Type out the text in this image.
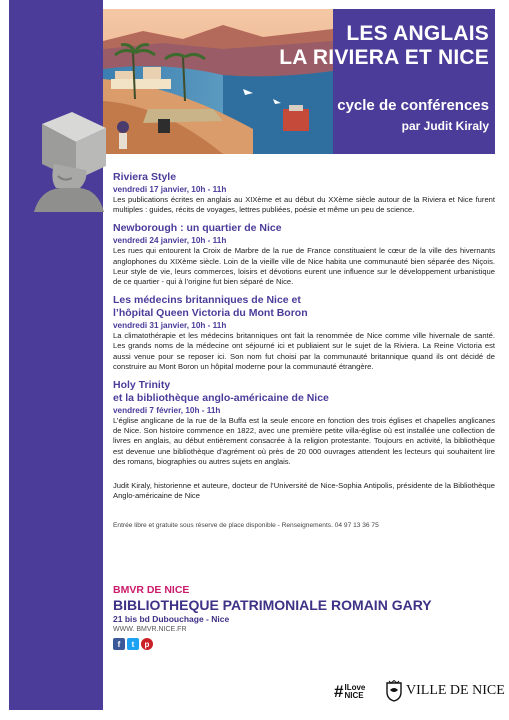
LES ANGLAIS
LA RIVIERA ET NICE
cycle de conférences
par Judit Kiraly
Riviera Style
vendredi 17 janvier, 10h - 11h
Les publications écrites en anglais au XIXème et au début du XXème siècle autour de la Riviera et Nice furent multiples : guides, récits de voyages, lettres publiées, poésie et même un peu de science.
Newborough : un quartier de Nice
vendredi 24 janvier, 10h - 11h
Les rues qui entourent la Croix de Marbre de la rue de France constituaient le cœur de la ville des hivernants anglophones du XIXème siècle. Loin de la vieille ville de Nice habita une communauté bien séparée des Niçois. Leur style de vie, leurs commerces, loisirs et dévotions eurent une influence sur le développement urbanistique de ce quartier - qui à l’origine fut bien séparé de Nice.
Les médecins britanniques de Nice et
l’hôpital Queen Victoria du Mont Boron
vendredi 31 janvier, 10h - 11h
La climatothérapie et les médecins britanniques ont fait la renommée de Nice comme ville hivernale de santé. Les grands noms de la médecine ont séjourné ici et publiaient sur le sujet de la Riviera. La Reine Victoria est aussi venue pour se reposer ici. Son nom fut choisi par la communauté britannique quand ils ont décidé de construire au Mont Boron un hôpital moderne pour la communauté étrangère.
Holy Trinity
et la bibliothèque anglo-américaine de Nice
vendredi 7 février, 10h - 11h
L’église anglicane de la rue de la Buffa est la seule encore en fonction des trois églises et chapelles anglicanes de Nice. Son histoire commence en 1822, avec une première petite villa-église où est installée une collection de livres en anglais, au début entièrement consacrée à la religion protestante. Toujours en activité, la bibliothèque est devenue une bibliothèque d’agrément où près de 20 000 ouvrages attendent les lecteurs qui souhaitent lire des romans, biographies ou autres sujets en anglais.
Judit Kiraly, historienne et auteure, docteur de l’Université de Nice-Sophia Antipolis, présidente de la Bibliothèque Anglo-américaine de Nice
Entrée libre et gratuite sous réserve de place disponible - Renseignements. 04 97 13 36 75
BMVR DE NICE
BIBLIOTHEQUE PATRIMONIALE ROMAIN GARY
21 bis bd Dubouchage - Nice
WWW. BMVR.NICE.FR
f	t	p
# ILove
NICE	VILLE DE NICE
